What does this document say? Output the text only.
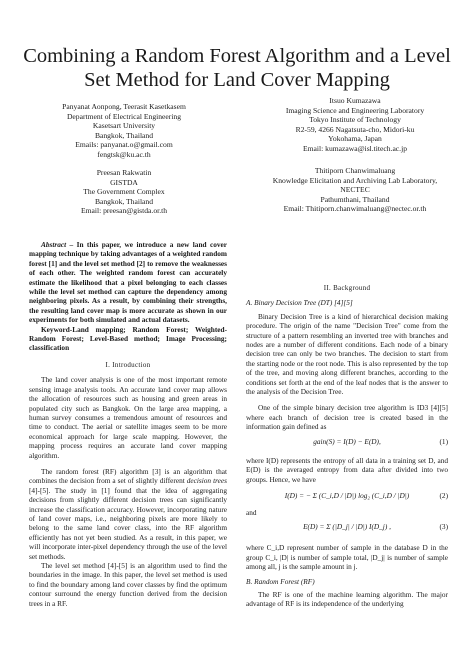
Combining a Random Forest Algorithm and a Level
Set Method for Land Cover Mapping
Panyanat Aonpong, Teerasit Kasetkasem
Department of Electrical Engineering
Kasetsart University
Bangkok, Thailand
Emails: panyanat.o@gmail.com
fengtsk@ku.ac.th
Itsuo Kumazawa
Imaging Science and Engineering Laboratory
Tokyo Institute of Technology
R2-59, 4266 Nagatsuta-cho, Midori-ku
Yokohama, Japan
Email: kumazawa@isl.titech.ac.jp
Preesan Rakwatin
GISTDA
The Government Complex
Bangkok, Thailand
Email: preesan@gistda.or.th
Thitiporn Chanwimaluang
Knowledge Elicitation and Archiving Lab Laboratory,
NECTEC
Pathumthani, Thailand
Email: Thitiporn.chanwimaluang@nectec.or.th

Abstract – In this paper, we introduce a new land cover mapping technique by taking advantages of a weighted random forest [1] and the level set method [2] to remove the weaknesses of each other. The weighted random forest can accurately estimate the likelihood that a pixel belonging to each classes while the level set method can capture the dependency among neighboring pixels. As a result, by combining their strengths, the resulting land cover map is more accurate as shown in our experiments for both simulated and actual datasets.

Keyword-Land mapping; Random Forest; Weighted-Random Forest; Level-Based method; Image Processing; classification

I. Introduction

The land cover analysis is one of the most important remote sensing image analysis tools. An accurate land cover map allows the allocation of resources such as housing and green areas in populated city such as Bangkok. On the large area mapping, a human survey consumes a tremendous amount of resources and time to conduct. The aerial or satellite images seem to be more economical approach for large scale mapping. However, the mapping process requires an accurate land cover mapping algorithm.

The random forest (RF) algorithm [3] is an algorithm that combines the decision from a set of slightly different decision trees [4]-[5]. The study in [1] found that the idea of aggregating decisions from slightly different decision trees can significantly increase the classification accuracy. However, incorporating nature of land cover maps, i.e., neighboring pixels are more likely to belong to the same land cover class, into the RF algorithm efficiently has not yet been studied. As a result, in this paper, we will incorporate inter-pixel dependency through the use of the level set methods.

The level set method [4]-[5] is an algorithm used to find the boundaries in the image. In this paper, the level set method is used to find the boundary among land cover classes by find the optimum contour surround the energy function derived from the decision trees in a RF.

II. Background

A. Binary Decision Tree (DT) [4][5]

Binary Decision Tree is a kind of hierarchical decision making procedure. The origin of the name "Decision Tree" come from the structure of a pattern resembling an inverted tree with branches and nodes are a number of different conditions. Each node of a binary decision tree can only be two branches. The decision to start from the starting node or the root node. This is also represented by the top of the tree, and moving along different branches, according to the conditions set forth at the end of the leaf nodes that is the answer to the analysis of the Decision Tree.

One of the simple binary decision tree algorithm is ID3 [4][5] where each branch of decision tree is created based in the information gain defined as

gain(S) = I(D) − E(D),	(1)

where I(D) represents the entropy of all data in a training set D, and E(D) is the averaged entropy from data after divided into two groups. Hence, we have

I(D) = − Σ (C_i,D / |D|) log₂ (C_i,D / |D|)	(2)

and

E(D) = Σ (|D_j| / |D|) I(D_j) ,	(3)

where C_i,D represent number of sample in the database D in the group C_i, |D| is number of sample total, |D_j| is number of sample among all, j is the sample amount in j.

B. Random Forest (RF)

The RF is one of the machine learning algorithm. The major advantage of RF is its independence of the underlying
